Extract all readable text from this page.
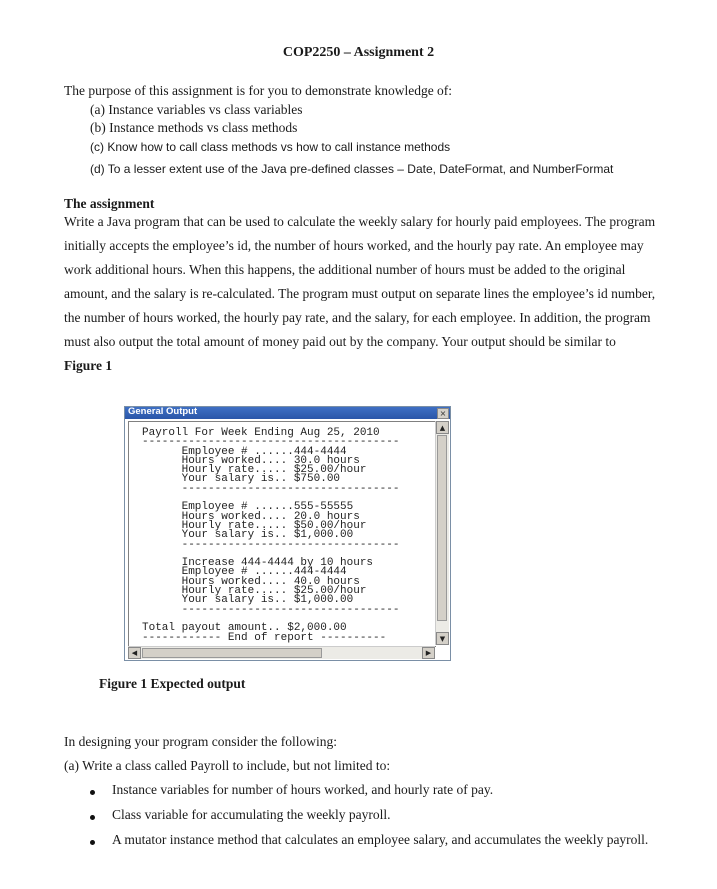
COP2250 – Assignment 2
The purpose of this assignment is for you to demonstrate knowledge of:
(a) Instance variables vs class variables
(b) Instance methods vs class methods
(c) Know how to call class methods vs how to call instance methods
(d) To a lesser extent use of the Java pre-defined classes – Date, DateFormat, and NumberFormat
The assignment
Write a Java program that can be used to calculate the weekly salary for hourly paid employees. The program
initially accepts the employee’s id, the number of hours worked, and the hourly pay rate. An employee may
work additional hours. When this happens, the additional number of hours must be added to the original
amount, and the salary is re-calculated. The program must output on separate lines the employee’s id number,
the number of hours worked, the hourly pay rate, and the salary, for each employee. In addition, the program
must also output the total amount of money paid out by the company. Your output should be similar to
Figure 1
General Output	×
Payroll For Week Ending Aug 25, 2010
---------------------------------------
Employee # ......444-4444
Hours worked.... 30.0 hours
Hourly rate..... $25.00/hour
Your salary is.. $750.00
---------------------------------

Employee # ......555-55555
Hours worked.... 20.0 hours
Hourly rate..... $50.00/hour
Your salary is.. $1,000.00
---------------------------------

Increase 444-4444 by 10 hours
Employee # ......444-4444
Hours worked.... 40.0 hours
Hourly rate..... $25.00/hour
Your salary is.. $1,000.00
---------------------------------

Total payout amount.. $2,000.00
------------ End of report ----------

▲
▼
◀	▶
Figure 1 Expected output
In designing your program consider the following:
(a) Write a class called Payroll to include, but not limited to:
Instance variables for number of hours worked, and hourly rate of pay.
Class variable for accumulating the weekly payroll.
A mutator instance method that calculates an employee salary, and accumulates the weekly payroll.
